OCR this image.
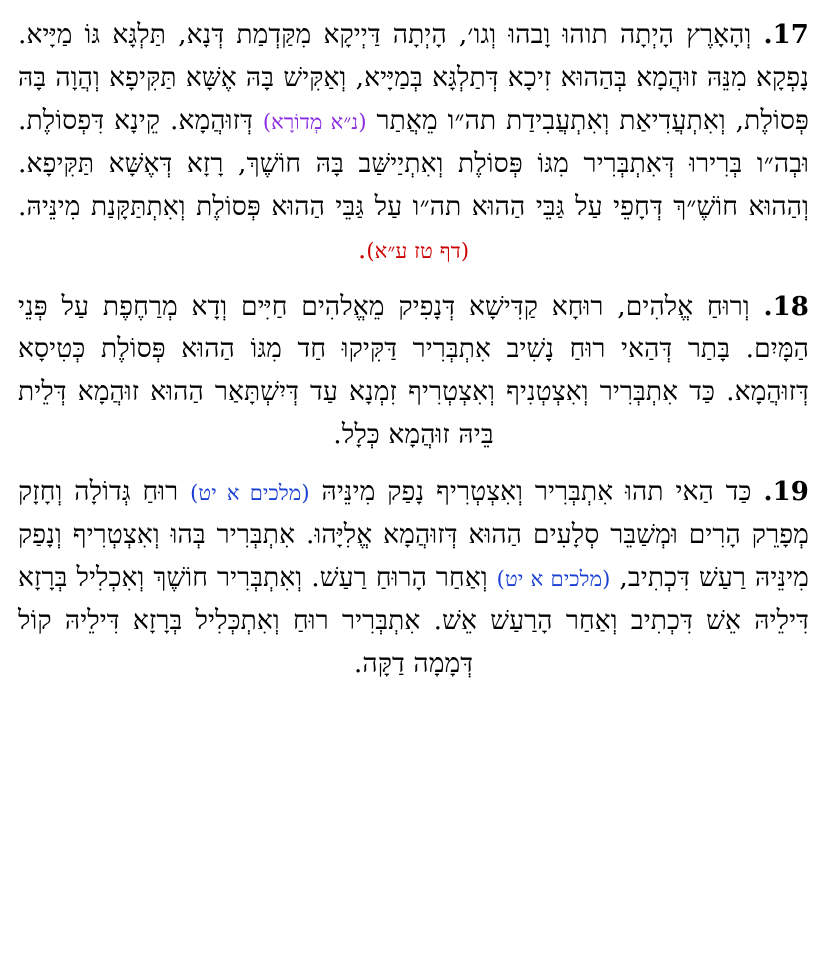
17. וְהָאָרֶץ הָיְתָה תוהוּ וָבהוּ וְגו׳, הָיְתָה דַּיְיקָא מִקַּדְמַת דְּנָא, תַּלְגָּא גּוֹ מַיָּיא. נָפְקָא מִנֵּהּ זוּהֲמָא בְּהַהוּא זִיכָא דְּתַלְגָּא בְּמַיָּיא, וְאַקִּישׁ בָּהּ אֶשָּׁא תַּקִּיפָא וְהֲוָה בָּהּ פְּסוֹלֶת, וְאִתְעֲדִיאַת וְאִתְעֲבִידַת תה״ו מֵאֲתַר (נ״א מְדוֹרָא) דְּזוּהֲמָא. קֵינָא דִּפְסוֹלֶת. וּבְה״ו בְּרִירוּ דְּאִתְבְּרִיר מִגּוֹ פְּסוֹלֶת וְאִתְיַישַּׁב בָּהּ חוֹשֶׁךְ, רָזָא דְּאֶשָּׁא תַּקִּיפָא. וְהַהוּא חוֹשֶׁ״ךְ דְּחָפֵי עַל גַּבֵּי הַהוּא תה״ו עַל גַּבֵּי הַהוּא פְּסוֹלֶת וְאִתְתַּקָּנַת מִינֵּיהּ. (דף טז ע״א).
18. וְרוּחַ אֱלהִים, רוּחָא קַדִּישָׁא דְּנָפִיק מֵאֱלהִים חַיִּים וְדָא מְרַחֶפֶת עַל פְּנֵי הַמָּיִם. בָּתַר דְּהַאי רוּחַ נָשִׁיב אִתְבְּרִיר דַּקִּיקוּ חַד מִגּוֹ הַהוּא פְּסוֹלֶת כְּטִיסָא דְּזוּהֲמָא. כַּד אִתְבְּרִיר וְאִצְטְנִיף וְאִצְטְרִיף זִמְנָא עַד דְּיִשְׁתָּאַר הַהוּא זוּהֲמָא דְּלֵית בֵּיהּ זוּהֲמָא כְּלָל.
19. כַּד הַאי תהוּ אִתְבְּרִיר וְאִצְטְרִיף נָפַק מִינֵּיהּ (מלכים א יט) רוּחַ גְּדוֹלָה וְחָזָק מְפָרֵק הָרִים וּמְשַׁבֵּר סְלָעִים הַהוּא דְּזוּהֲמָא אֱלִיָּהוּ. אִתְבְּרִיר בְּהוּ וְאִצְטְרִיף וְנָפַק מִינֵּיהּ רַעַשׁ דִּכְתִיב, (מלכים א יט) וְאַחַר הָרוּחַ רַעַשׁ. וְאִתְבְּרִיר חוֹשֶׁךְ וְאִכְלִיל בְּרָזָא דִּילֵיהּ אֵשׁ דִּכְתִיב וְאַחַר הָרַעַשׁ אֵשׁ. אִתְבְּרִיר רוּחַ וְאִתְכְּלִיל בְּרָזָא דִּילֵיהּ קוֹל דְּמָמָה דַקָּה.
